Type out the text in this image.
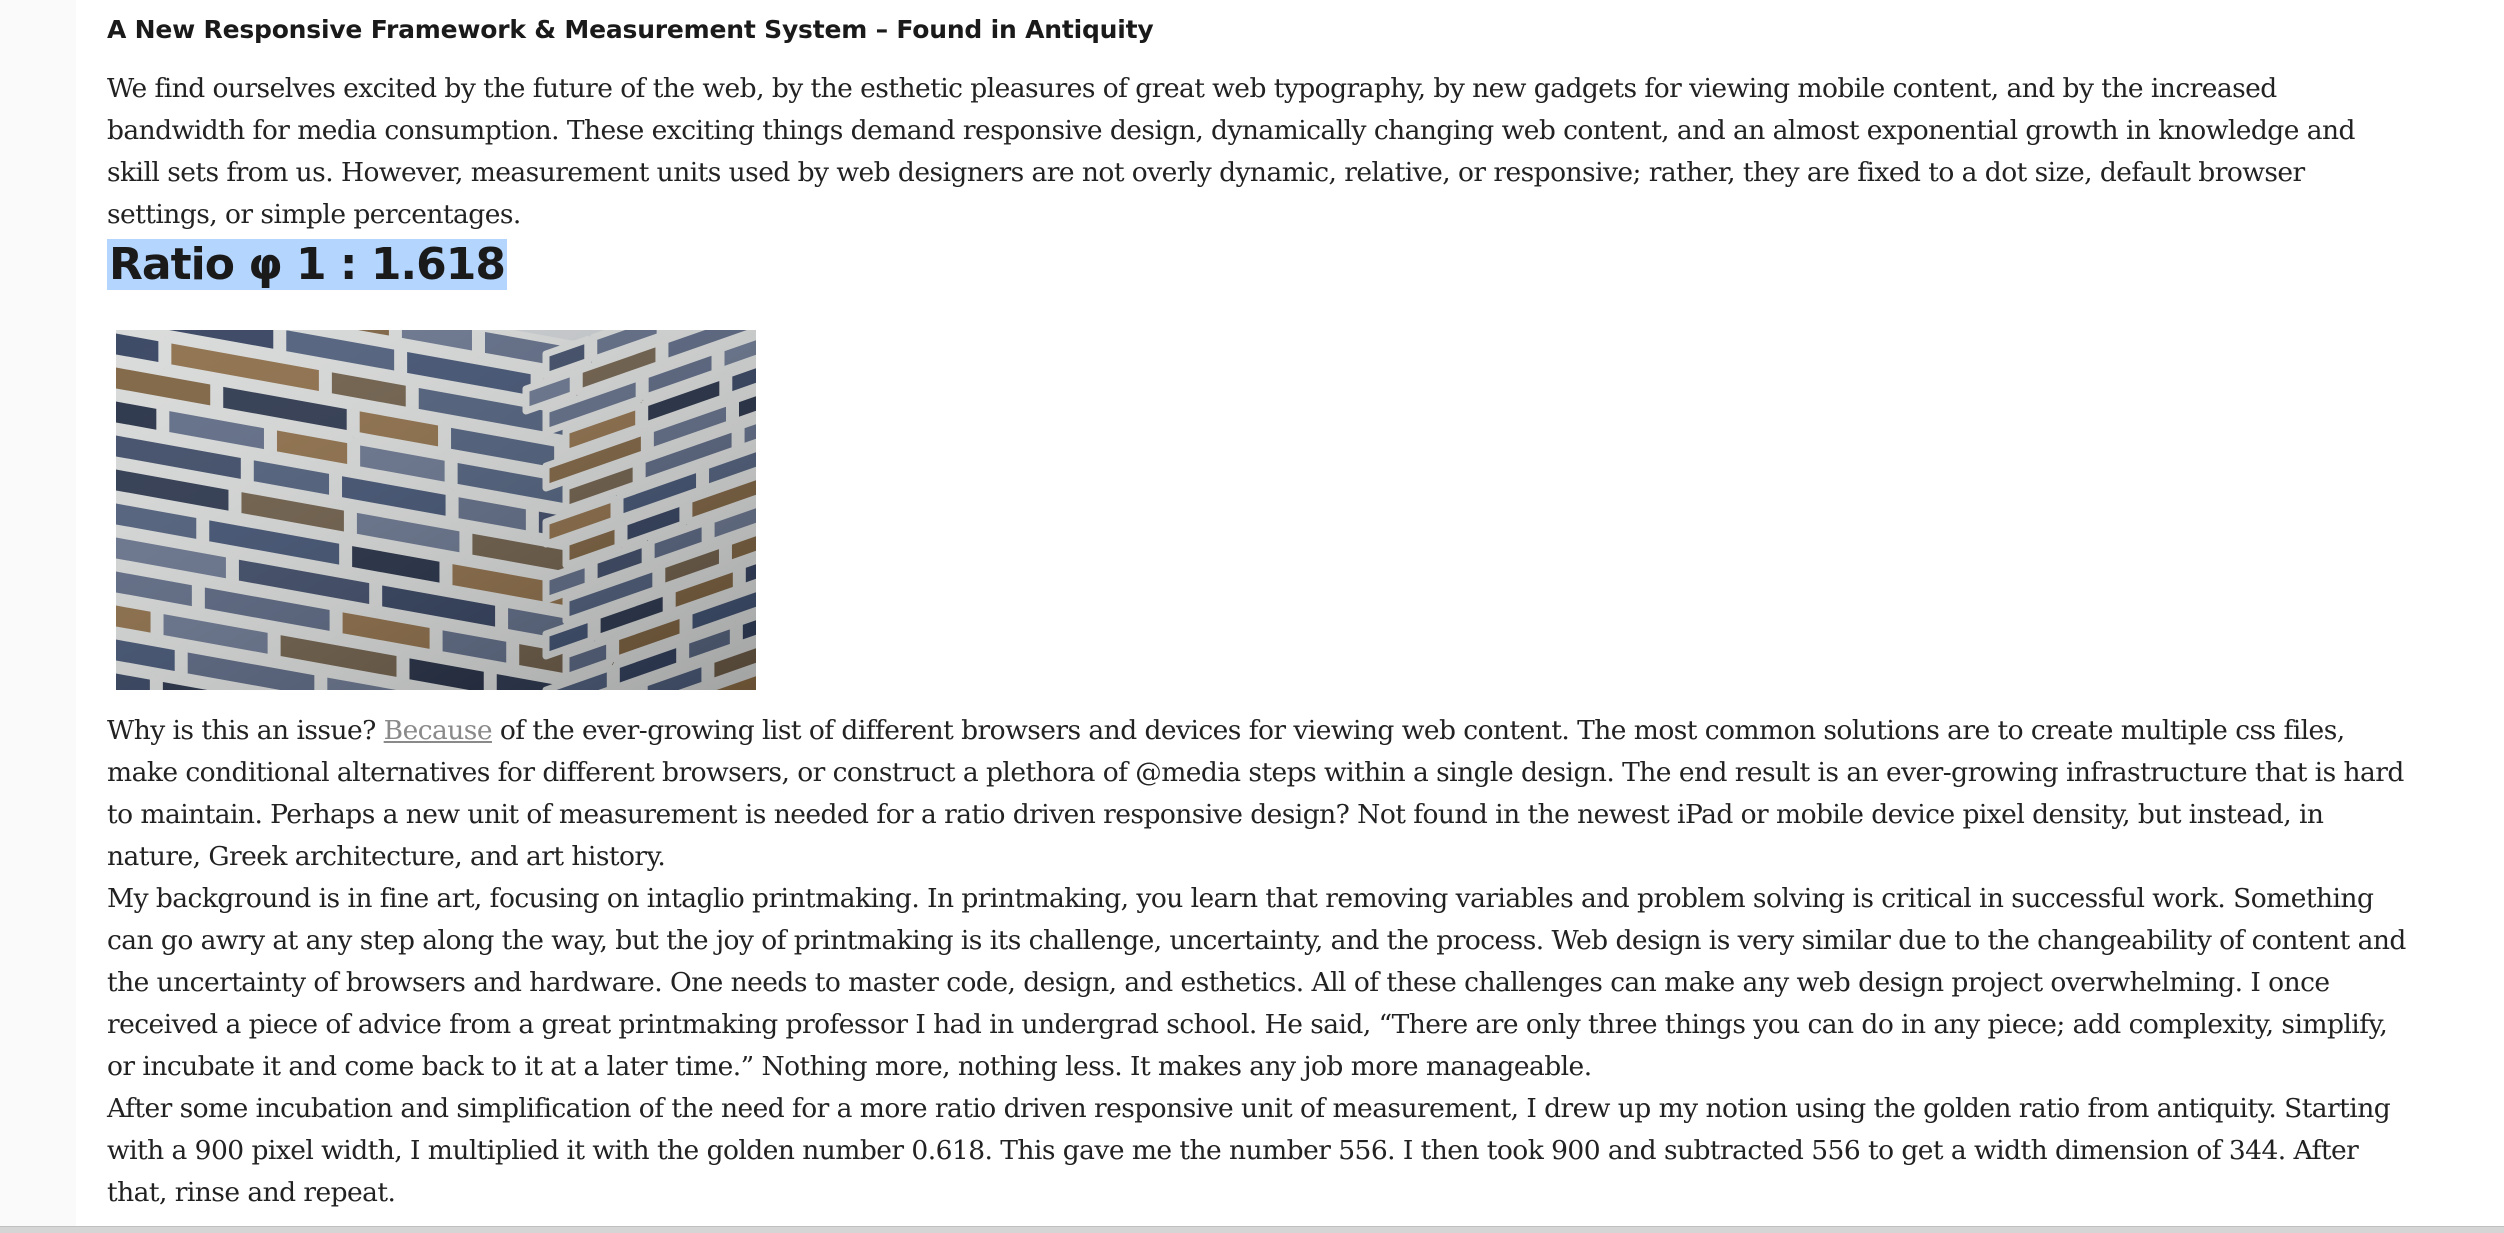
A New Responsive Framework & Measurement System – Found in Antiquity

We find ourselves excited by the future of the web, by the esthetic pleasures of great web typography, by new gadgets for viewing mobile content, and by the increased bandwidth for media consumption. These exciting things demand responsive design, dynamically changing web content, and an almost exponential growth in knowledge and skill sets from us. However, measurement units used by web designers are not overly dynamic, relative, or responsive; rather, they are fixed to a dot size, default browser settings, or simple percentages.

Ratio φ 1 : 1.618

Why is this an issue? Because of the ever-growing list of different browsers and devices for viewing web content. The most common solutions are to create multiple css files, make conditional alternatives for different browsers, or construct a plethora of @media steps within a single design. The end result is an ever-growing infrastructure that is hard to maintain. Perhaps a new unit of measurement is needed for a ratio driven responsive design? Not found in the newest iPad or mobile device pixel density, but instead, in nature, Greek architecture, and art history.

My background is in fine art, focusing on intaglio printmaking. In printmaking, you learn that removing variables and problem solving is critical in successful work. Something can go awry at any step along the way, but the joy of printmaking is its challenge, uncertainty, and the process. Web design is very similar due to the changeability of content and the uncertainty of browsers and hardware. One needs to master code, design, and esthetics. All of these challenges can make any web design project overwhelming. I once received a piece of advice from a great printmaking professor I had in undergrad school. He said, “There are only three things you can do in any piece; add complexity, simplify, or incubate it and come back to it at a later time.” Nothing more, nothing less. It makes any job more manageable.

After some incubation and simplification of the need for a more ratio driven responsive unit of measurement, I drew up my notion using the golden ratio from antiquity. Starting with a 900 pixel width, I multiplied it with the golden number 0.618. This gave me the number 556. I then took 900 and subtracted 556 to get a width dimension of 344. After that, rinse and repeat.
